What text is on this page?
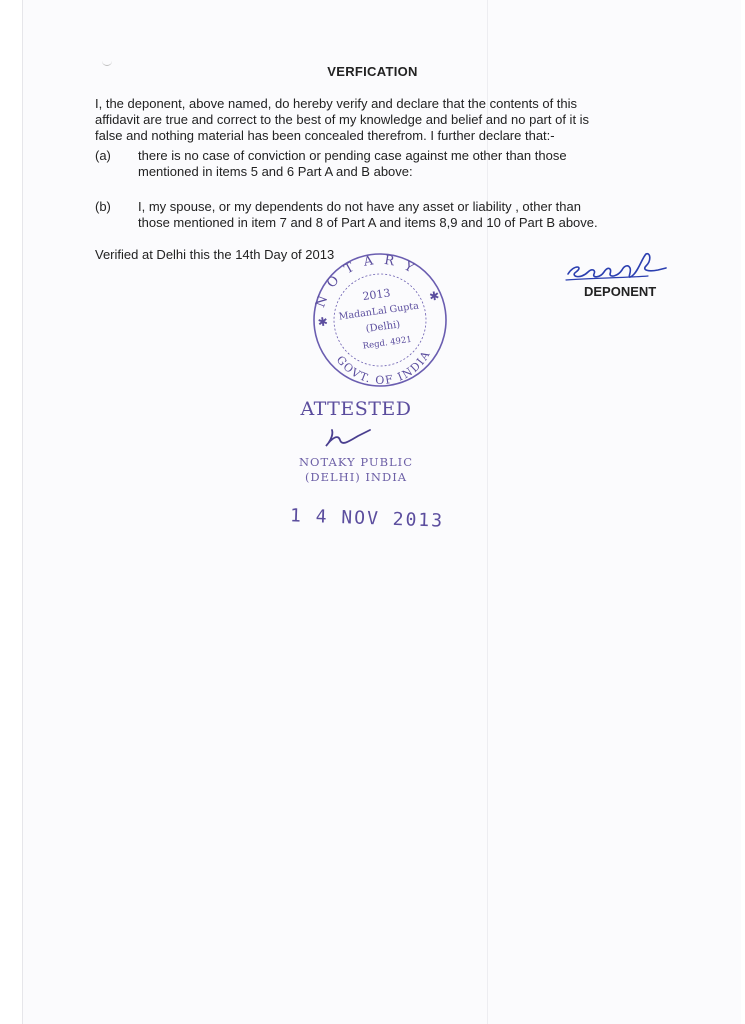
VERFICATION
I, the deponent, above named, do hereby verify and declare that the contents of this
affidavit are true and correct to the best of my knowledge and belief and no part of it is
false and nothing material has been concealed therefrom. I further declare that:-
(a) there is no case of conviction or pending case against me other than those
mentioned in items 5 and 6 Part A and B above:
(b) I, my spouse, or my dependents do not have any asset or liability , other than
those mentioned in item 7 and 8 of Part A and items 8,9 and 10 of Part B above.
Verified at Delhi this the 14th Day of 2013
N O T A R Y
GOVT. OF INDIA
✱
✱
2013
MadanLal Gupta
(Delhi)
Regd. 4921
DEPONENT
ATTESTED
NOTAKY PUBLIC
(DELHI) INDIA
1 4 NOV 2013
